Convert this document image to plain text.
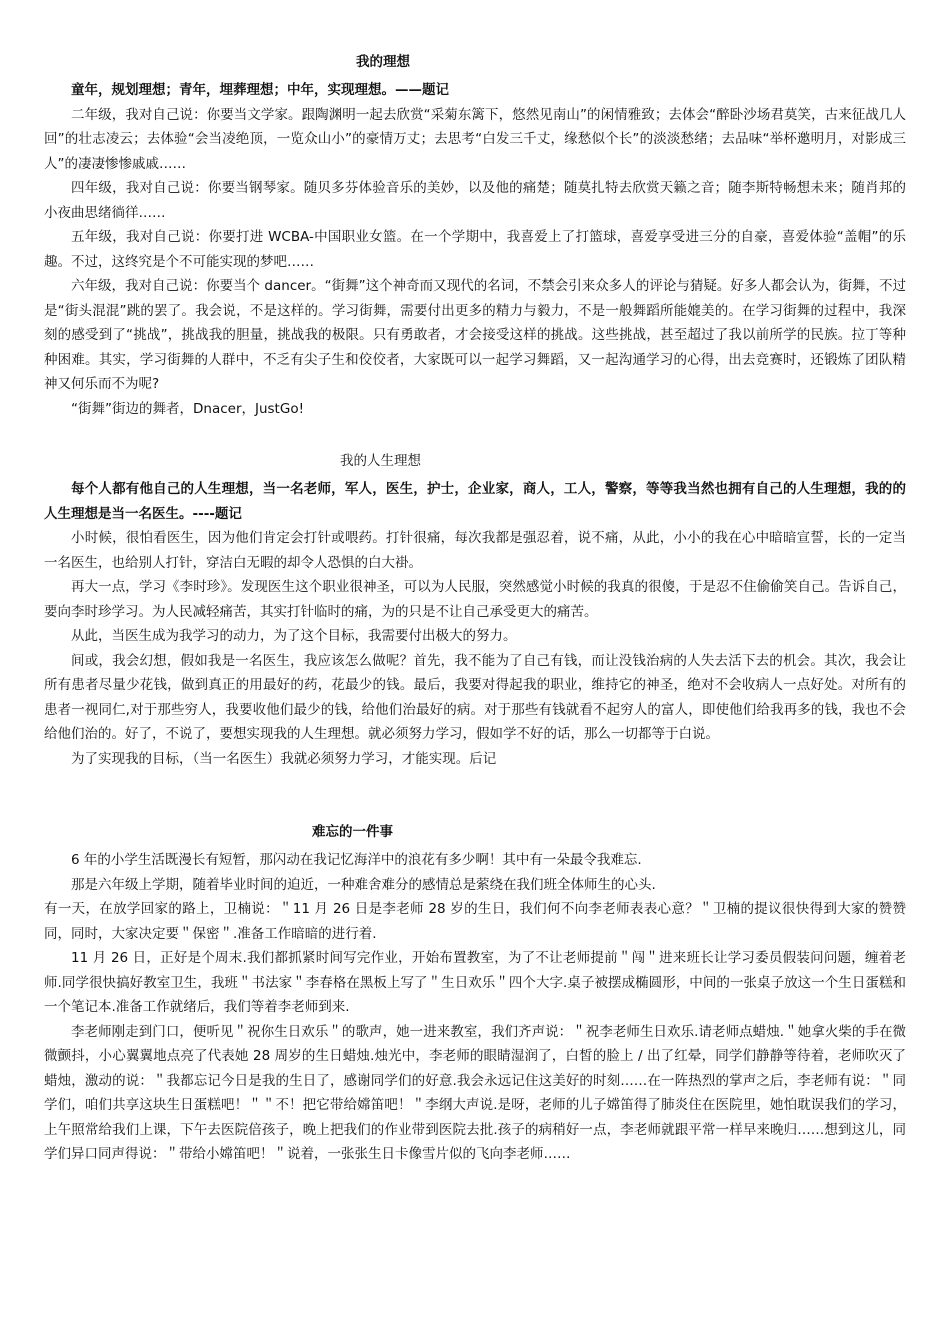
我的理想

童年，规划理想；青年，埋葬理想；中年，实现理想。——题记

二年级，我对自己说：你要当文学家。跟陶渊明一起去欣赏“采菊东篱下，悠然见南山”的闲情雅致；去体会“醉卧沙场君莫笑，古来征战几人回”的壮志凌云；去体验“会当凌绝顶，一览众山小”的豪情万丈；去思考“白发三千丈，缘愁似个长”的淡淡愁绪；去品味“举杯邀明月，对影成三人”的凄凄惨惨戚戚……

四年级，我对自己说：你要当钢琴家。随贝多芬体验音乐的美妙，以及他的痛楚；随莫扎特去欣赏天籁之音；随李斯特畅想未来；随肖邦的小夜曲思绪徜徉……

五年级，我对自己说：你要打进 WCBA-中国职业女篮。在一个学期中，我喜爱上了打篮球，喜爱享受进三分的自豪，喜爱体验“盖帽”的乐趣。不过，这终究是个不可能实现的梦吧……

六年级，我对自己说：你要当个 dancer。“街舞”这个神奇而又现代的名词，不禁会引来众多人的评论与猜疑。好多人都会认为，街舞，不过是“街头混混”跳的罢了。我会说，不是这样的。学习街舞，需要付出更多的精力与毅力，不是一般舞蹈所能媲美的。在学习街舞的过程中，我深刻的感受到了“挑战”，挑战我的胆量，挑战我的极限。只有勇敢者，才会接受这样的挑战。这些挑战，甚至超过了我以前所学的民族。拉丁等种种困难。其实，学习街舞的人群中，不乏有尖子生和佼佼者，大家既可以一起学习舞蹈，又一起沟通学习的心得，出去竞赛时，还锻炼了团队精神又何乐而不为呢?

“街舞”街边的舞者，Dnacer，JustGo!

我的人生理想

每个人都有他自己的人生理想，当一名老师，军人，医生，护士，企业家，商人，工人，警察，等等我当然也拥有自己的人生理想，我的的人生理想是当一名医生。----题记

小时候，很怕看医生，因为他们肯定会打针或喂药。打针很痛，每次我都是强忍着，说不痛，从此，小小的我在心中暗暗宣誓，长的一定当一名医生，也给别人打针，穿洁白无暇的却令人恐惧的白大褂。

再大一点，学习《李时珍》。发现医生这个职业很神圣，可以为人民服，突然感觉小时候的我真的很傻，于是忍不住偷偷笑自己。告诉自己，要向李时珍学习。为人民减轻痛苦，其实打针临时的痛，为的只是不让自己承受更大的痛苦。

从此，当医生成为我学习的动力，为了这个目标，我需要付出极大的努力。

间或，我会幻想，假如我是一名医生，我应该怎么做呢？首先，我不能为了自己有钱，而让没钱治病的人失去活下去的机会。其次，我会让所有患者尽量少花钱，做到真正的用最好的药，花最少的钱。最后，我要对得起我的职业，维持它的神圣，绝对不会收病人一点好处。对所有的患者一视同仁,对于那些穷人，我要收他们最少的钱，给他们治最好的病。对于那些有钱就看不起穷人的富人，即使他们给我再多的钱，我也不会给他们治的。好了，不说了，要想实现我的人生理想。就必须努力学习，假如学不好的话，那么一切都等于白说。

为了实现我的目标，（当一名医生）我就必须努力学习，才能实现。后记

难忘的一件事

6 年的小学生活既漫长有短暂，那闪动在我记忆海洋中的浪花有多少啊！其中有一朵最令我难忘.

那是六年级上学期，随着毕业时间的迫近，一种难舍难分的感情总是萦绕在我们班全体师生的心头.

有一天，在放学回家的路上，卫楠说：＂11 月 26 日是李老师 28 岁的生日，我们何不向李老师表表心意？＂卫楠的提议很快得到大家的赞赞同，同时，大家决定要＂保密＂.准备工作暗暗的进行着.

11 月 26 日，正好是个周末.我们都抓紧时间写完作业，开始布置教室，为了不让老师提前＂闯＂进来班长让学习委员假装问问题，缠着老师.同学很快搞好教室卫生，我班＂书法家＂李春格在黑板上写了＂生日欢乐＂四个大字.桌子被摆成椭圆形，中间的一张桌子放这一个生日蛋糕和一个笔记本.准备工作就绪后，我们等着李老师到来.

李老师刚走到门口，便听见＂祝你生日欢乐＂的歌声，她一进来教室，我们齐声说：＂祝李老师生日欢乐.请老师点蜡烛.＂她拿火柴的手在微微颤抖，小心翼翼地点亮了代表她 28 周岁的生日蜡烛.烛光中，李老师的眼睛湿润了，白皙的脸上 / 出了红晕，同学们静静等待着，老师吹灭了蜡烛，激动的说：＂我都忘记今日是我的生日了，感谢同学们的好意.我会永远记住这美好的时刻……在一阵热烈的掌声之后，李老师有说：＂同学们，咱们共享这块生日蛋糕吧！＂＂不！把它带给嫦笛吧！＂李纲大声说.是呀，老师的儿子嫦笛得了肺炎住在医院里，她怕耽误我们的学习，上午照常给我们上课，下午去医院倍孩子，晚上把我们的作业带到医院去批.孩子的病稍好一点，李老师就跟平常一样早来晚归……想到这儿，同学们异口同声得说：＂带给小嫦笛吧！＂说着，一张张生日卡像雪片似的飞向李老师……
